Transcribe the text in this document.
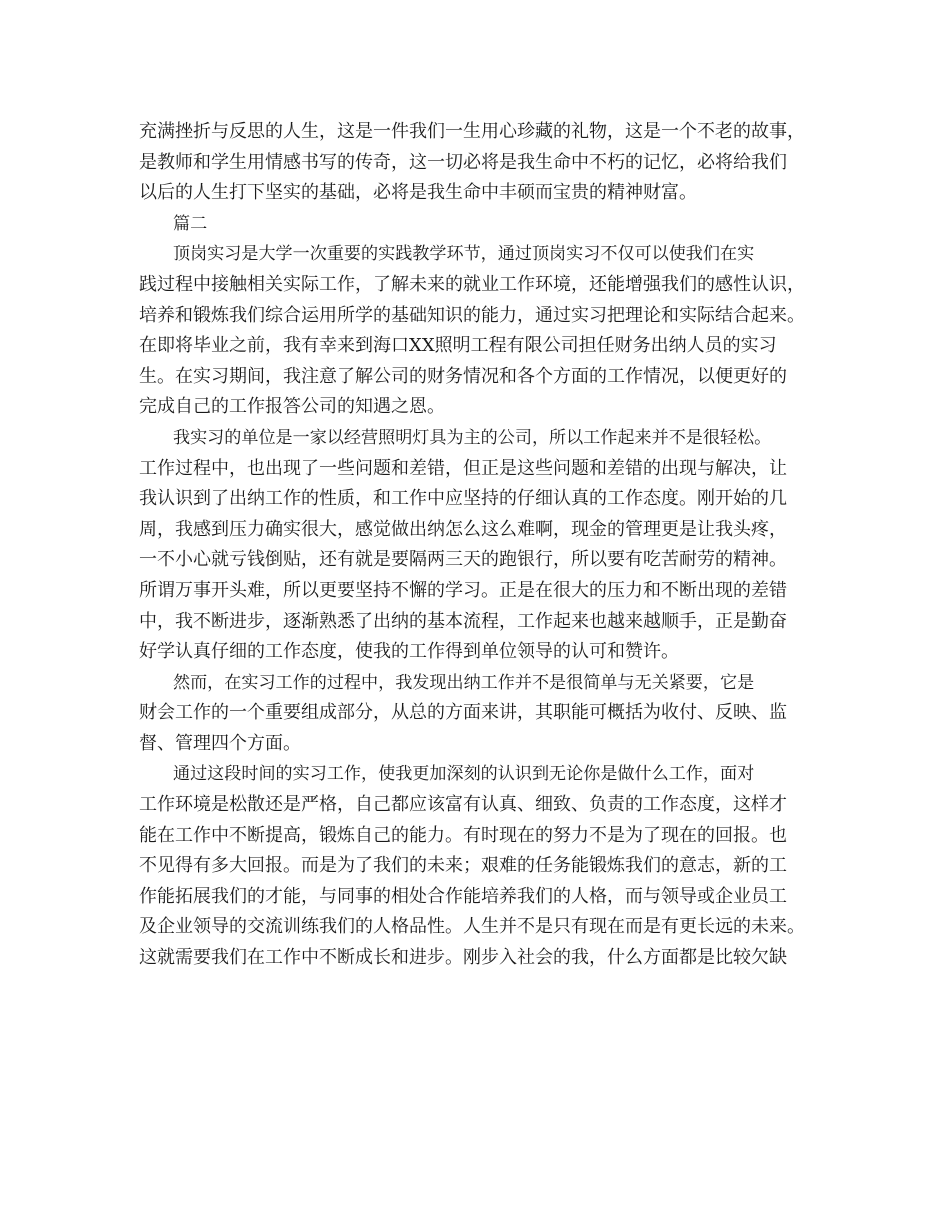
充满挫折与反思的人生，这是一件我们一生用心珍藏的礼物，这是一个不老的故事，
是教师和学生用情感书写的传奇，这一切必将是我生命中不朽的记忆，必将给我们
以后的人生打下坚实的基础，必将是我生命中丰硕而宝贵的精神财富。
篇二
顶岗实习是大学一次重要的实践教学环节，通过顶岗实习不仅可以使我们在实
践过程中接触相关实际工作，了解未来的就业工作环境，还能增强我们的感性认识，
培养和锻炼我们综合运用所学的基础知识的能力，通过实习把理论和实际结合起来。
在即将毕业之前，我有幸来到海口XX照明工程有限公司担任财务出纳人员的实习
生。在实习期间，我注意了解公司的财务情况和各个方面的工作情况，以便更好的
完成自己的工作报答公司的知遇之恩。
我实习的单位是一家以经营照明灯具为主的公司，所以工作起来并不是很轻松。
工作过程中，也出现了一些问题和差错，但正是这些问题和差错的出现与解决，让
我认识到了出纳工作的性质，和工作中应坚持的仔细认真的工作态度。刚开始的几
周，我感到压力确实很大，感觉做出纳怎么这么难啊，现金的管理更是让我头疼，
一不小心就亏钱倒贴，还有就是要隔两三天的跑银行，所以要有吃苦耐劳的精神。
所谓万事开头难，所以更要坚持不懈的学习。正是在很大的压力和不断出现的差错
中，我不断进步，逐渐熟悉了出纳的基本流程，工作起来也越来越顺手，正是勤奋
好学认真仔细的工作态度，使我的工作得到单位领导的认可和赞许。
然而，在实习工作的过程中，我发现出纳工作并不是很简单与无关紧要，它是
财会工作的一个重要组成部分，从总的方面来讲，其职能可概括为收付、反映、监
督、管理四个方面。
通过这段时间的实习工作，使我更加深刻的认识到无论你是做什么工作，面对
工作环境是松散还是严格，自己都应该富有认真、细致、负责的工作态度，这样才
能在工作中不断提高，锻炼自己的能力。有时现在的努力不是为了现在的回报。也
不见得有多大回报。而是为了我们的未来；艰难的任务能锻炼我们的意志，新的工
作能拓展我们的才能，与同事的相处合作能培养我们的人格，而与领导或企业员工
及企业领导的交流训练我们的人格品性。人生并不是只有现在而是有更长远的未来。
这就需要我们在工作中不断成长和进步。刚步入社会的我，什么方面都是比较欠缺
